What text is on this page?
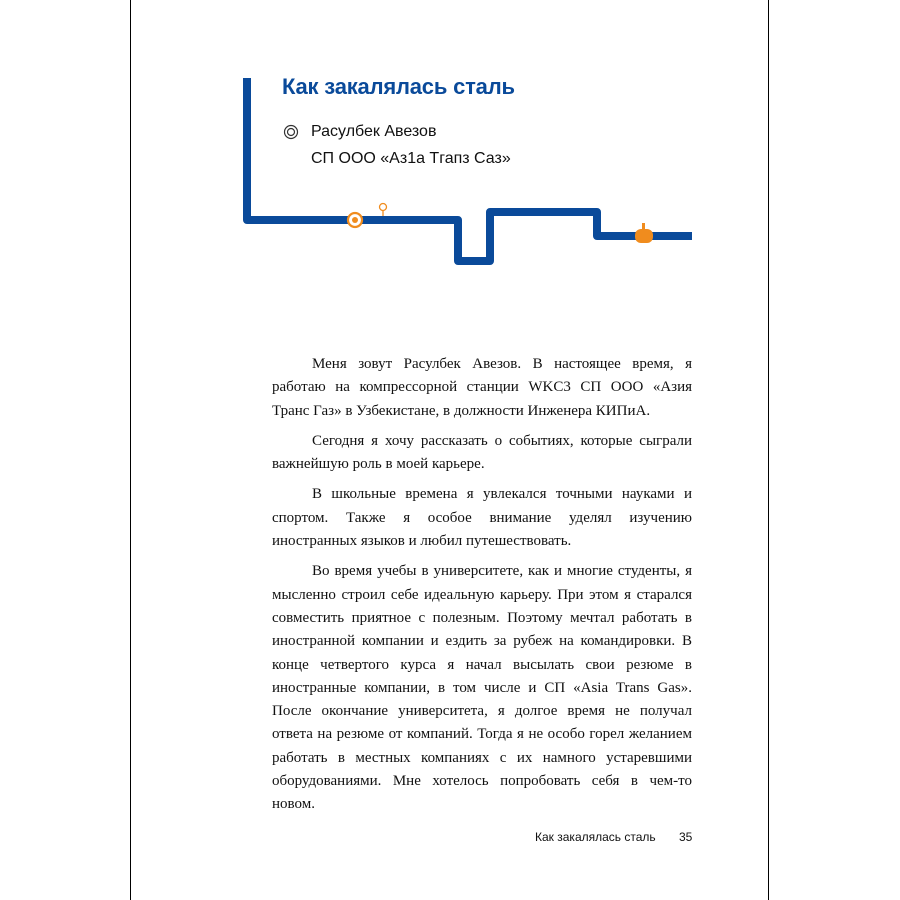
Как закалялась сталь
Расулбек Авезов
СП ООО «Аз1а Тгапз Саз»

Меня зовут Расулбек Авезов. В настоящее время, я работаю на компрессорной станции WKC3 СП ООО «Азия Транс Газ» в Узбекистане, в должности Инженера КИПиА.

Сегодня я хочу рассказать о событиях, которые сыграли важнейшую роль в моей карьере.

В школьные времена я увлекался точными науками и спортом. Также я особое внимание уделял изучению иностранных языков и любил путешествовать.

Во время учебы в университете, как и многие студенты, я мысленно строил себе идеальную карьеру. При этом я старался совместить приятное с полезным. Поэтому мечтал работать в иностранной компании и ездить за рубеж на командировки. В конце четвертого курса я начал высылать свои резюме в иностранные компании, в том числе и СП «Asia Trans Gas». После окончание университета, я долгое время не получал ответа на резюме от компаний. Тогда я не особо горел желанием работать в местных компаниях с их намного устаревшими оборудованиями. Мне хотелось попробовать себя в чем-то новом.

Как закалялась сталь 35
